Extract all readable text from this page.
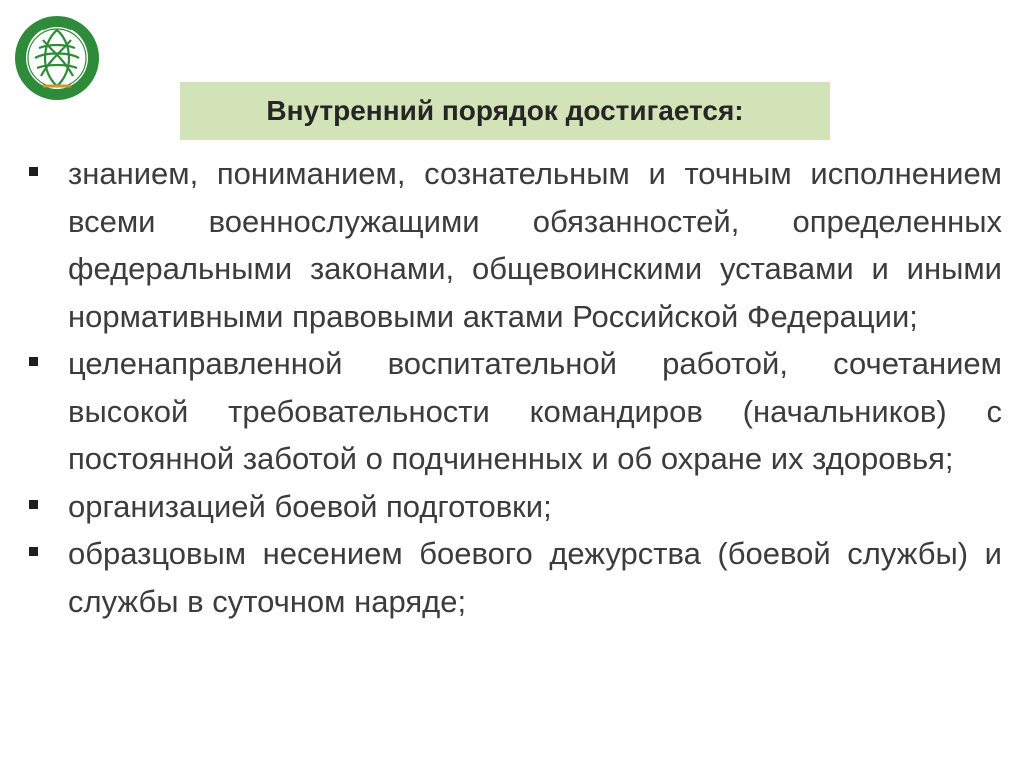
Внутренний порядок достигается:
знанием, пониманием, сознательным и точным исполнением всеми военнослужащими обязанностей, определенных федеральными законами, общевоинскими уставами и иными нормативными правовыми актами Российской Федерации;
целенаправленной воспитательной работой, сочетанием высокой требовательности командиров (начальников) с постоянной заботой о подчиненных и об охране их здоровья;
организацией боевой подготовки;
образцовым несением боевого дежурства (боевой службы) и службы в суточном наряде;
